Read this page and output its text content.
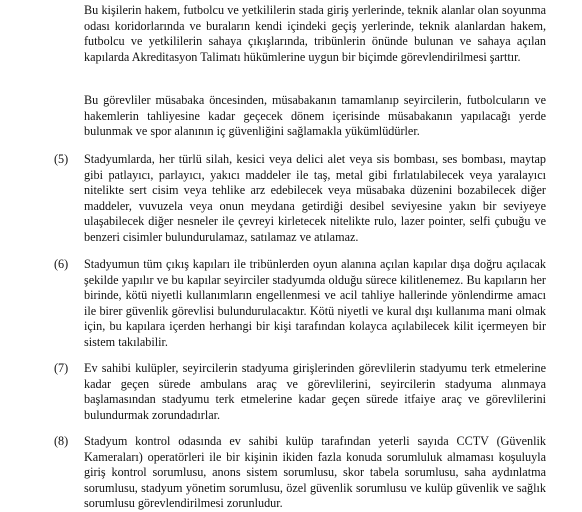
Bu kişilerin hakem, futbolcu ve yetkililerin stada giriş yerlerinde, teknik alanlar olan soyunma odası koridorlarında ve buraların kendi içindeki geçiş yerlerinde, teknik alanlardan hakem, futbolcu ve yetkililerin sahaya çıkışlarında, tribünlerin önünde bulunan ve sahaya açılan kapılarda Akreditasyon Talimatı hükümlerine uygun bir biçimde görevlendirilmesi şarttır.

Bu görevliler müsabaka öncesinden, müsabakanın tamamlanıp seyircilerin, futbolcuların ve hakemlerin tahliyesine kadar geçecek dönem içerisinde müsabakanın yapılacağı yerde bulunmak ve spor alanının iç güvenliğini sağlamakla yükümlüdürler.

(5) Stadyumlarda, her türlü silah, kesici veya delici alet veya sis bombası, ses bombası, maytap gibi patlayıcı, parlayıcı, yakıcı maddeler ile taş, metal gibi fırlatılabilecek veya yaralayıcı nitelikte sert cisim veya tehlike arz edebilecek veya müsabaka düzenini bozabilecek diğer maddeler, vuvuzela veya onun meydana getirdiği desibel seviyesine yakın bir seviyeye ulaşabilecek diğer nesneler ile çevreyi kirletecek nitelikte rulo, lazer pointer, selfi çubuğu ve benzeri cisimler bulundurulamaz, satılamaz ve atılamaz.

(6) Stadyumun tüm çıkış kapıları ile tribünlerden oyun alanına açılan kapılar dışa doğru açılacak şekilde yapılır ve bu kapılar seyirciler stadyumda olduğu sürece kilitlenemez. Bu kapıların her birinde, kötü niyetli kullanımların engellenmesi ve acil tahliye hallerinde yönlendirme amacı ile birer güvenlik görevlisi bulundurulacaktır. Kötü niyetli ve kural dışı kullanıma mani olmak için, bu kapılara içerden herhangi bir kişi tarafından kolayca açılabilecek kilit içermeyen bir sistem takılabilir.

(7) Ev sahibi kulüpler, seyircilerin stadyuma girişlerinden görevlilerin stadyumu terk etmelerine kadar geçen sürede ambulans araç ve görevlilerini, seyircilerin stadyuma alınmaya başlamasından stadyumu terk etmelerine kadar geçen sürede itfaiye araç ve görevlilerini bulundurmak zorundadırlar.

(8) Stadyum kontrol odasında ev sahibi kulüp tarafından yeterli sayıda CCTV (Güvenlik Kameraları) operatörleri ile bir kişinin ikiden fazla konuda sorumluluk almaması koşuluyla giriş kontrol sorumlusu, anons sistem sorumlusu, skor tabela sorumlusu, saha aydınlatma sorumlusu, stadyum yönetim sorumlusu, özel güvenlik sorumlusu ve kulüp güvenlik ve sağlık sorumlusu görevlendirilmesi zorunludur.
